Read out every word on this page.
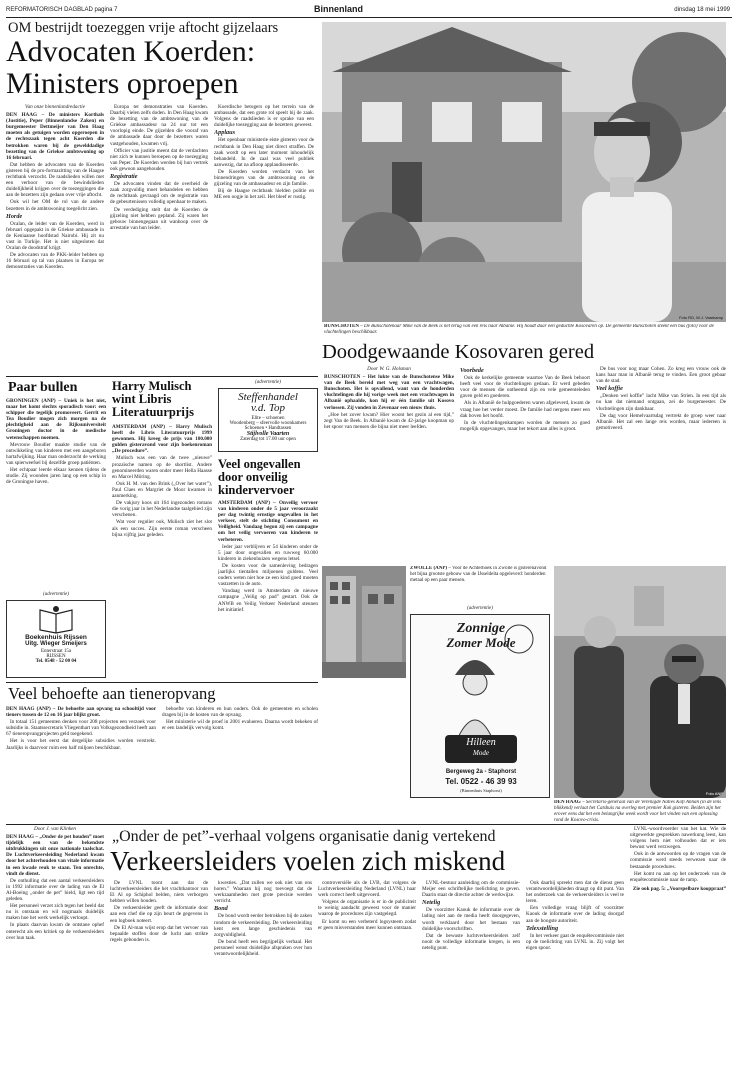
REFORMATORISCH DAGBLAD pagina 7	Binnenland	dinsdag 18 mei 1999
OM bestrijdt toezeggen vrije aftocht gijzelaars
Advocaten Koerden:
Ministers oproepen

Van onze binnenlandredactie

DEN HAAG – De ministers Korthals (Justitie), Peper (Binnenlandse Zaken) en burgemeester Dettmeijer van Den Haag moeten als getuigen worden opgeroepen in de rechtszaak tegen acht Koerden die betrokken waren bij de gewelddadige bezetting van de Griekse ambtswoning op 16 februari.

Dat hebben de advocaten van de Koerden gisteren bij de pro-formazitting van de Haagse rechtbank verzocht. De raadslieden willen met een verhoor van de bewindslieden duidelijkheid krijgen over de toezeggingen die aan de bezetters zijn gedaan over vrije aftocht.

Ook wil het OM de rol van de andere bezetters in de ambtswoning toegelicht zien.

Horde

Ocalan, de leider van de Koerden, werd in februari opgepakt in de Griekse ambassade in de Keniaanse hoofdstad Nairobi. Hij zit nu vast in Turkije. Het is niet uitgesloten dat Ocalan de doodstraf krijgt.

De advocaten van de PKK-leider hebben op 16 februari op tal van plaatsen in Europa ter demonstraties van Koerden.

Europa ter demonstraties van Koerden. Daarbij vielen zelfs doden. In Den Haag kwam de bezetting van de ambtswoning van de Griekse ambassadeur na 24 uur tot een voorlopig einde. De gijzelden die vooraf van de ambassade daar door de bezetters waren vastgehouden, kwamen vrij.

Officier van justitie meent dat de verdachten niet zich te kunnen beroepen op de toezegging van Peper. De Koerden werden bij hun vertrek ook gewoon aangehouden.

Registratie

De advocaten vinden dat de overheid de zaak zorgvuldig moet behandelen en hebben de rechtbank gevraagd om de registratie van de gebeurtenissen volledig openbaar te maken.

De verdediging stelt dat de Koerden de gijzeling niet hebben gepland. Zij waren het gebouw binnengegaan uit wanhoop over de arrestatie van hun leider.

Koerdische betogers op het terrein van de ambassade, dat een grote rol speelt bij de zaak. Volgens de raadslieden is er sprake van een duidelijke toezegging aan de bezetters geweest.

Applaus

Het openbaar ministerie eiste gisteren voor de rechtbank in Den Haag niet direct straffen. De zaak wordt op een later moment inhoudelijk behandeld. In de zaal was veel publiek aanwezig, dat na afloop applaudisseerde.

De Koerden worden verdacht van het binnendringen van de ambtswoning en de gijzeling van de ambassadeur en zijn familie.

Bij de Haagse rechtbank hielden politie en ME een oogje in het zeil. Het bleef er rustig.

Foto RD, W.J. Vaarkamp
BUNSCHOTEN – De Bunschotenaar Mike van de Beek is net terug van een reis naar Albanië. Hij houdt daar een geduchte Kosovaren op. De gemeente Bunschoten steekt een bus (foto) voor de vluchtelingen beschikbaar.
Doodgewaande Kosovaren gered

Door W. G. Holsman

BUNSCHOTEN – Het lukte van de Bunschotense Mike van de Beek bereid met weg van een vrachtwagen, Bunschoten. Het is opvallend, want van de honderden vluchtelingen die hij vorige week met een vrachtwagen in Albanië ophaalde, kon hij er één familie uit Kosovo verlossen. Zij vonden in Zevenaar een nieuw thuis.

„Hoe het zover kwam? Hier woont het gezin al een tijd,” zegt Van de Beek. In Albanië kwam de 42-jarige koopman op het spoor van mensen die bijna niet meer leefden.

Voorbede

Ook de kerkelijke gemeente waartoe Van de Beek behoort heeft veel voor de vluchtelingen gedaan. Er werd gebeden voor de mensen die ontheemd zijn en vele gemeenteleden gaven geld en goederen.

Als in Albanië de hulpgoederen waren afgeleverd, kwam de vraag hoe het verder moest. De familie had nergens meer een dak boven het hoofd.

In de vluchtelingenkampen worden de mensen zo goed mogelijk opgevangen, maar het tekort aan alles is groot.

De bus voor nog maar Cohen. Zo kreg een vrouw ook de kans haar man in Albanië terug te vinden. Een groot gebaar van de stad.

Veel koffie

„Denken wel koffie” lacht Mike van Strien. In een tijd als nu kan dat niemand ontgaan, zei de burgemeester. De vluchtelingen zijn dankbaar.

De dag voor Hemelvaartsdag vertrekt de groep weer naar Albanië. Het zal een lange reis worden, maar iedereen is gemotiveerd.

Paar bullen

GRONINGEN (ANP) – Uniek is het niet, maar het komt slechts sporadisch voor: een schipper die tegelijk promoveert. Gerrit en Tea Boudier mogen zich morgen na de plechtigheid aan de Rijksuniversiteit Groningen doctor in de medische wetenschappen noemen.

Mevrouw Boudier maakte studie van de ontwikkeling van kinderen met een aangeboren hartafwijking. Haar man onderzocht de werking van spierweefsel bij dezelfde groep patiënten.

Het echtpaar leerde elkaar kennen tijdens de studie. Zij woonden jaren lang op een schip in de Groningse haven.

Harry Mulisch
wint Libris
Literatuurprijs

AMSTERDAM (ANP) – Harry Mulisch heeft de Libris Literatuurprijs 1999 gewonnen. Hij kreeg de prijs van 100.000 gulden gisteravond voor zijn boekenroman „De procedure”.

Mulisch was een van de twee „nieuwe” prozaïsche namen op de shortlist. Andere genomineerden waren onder meer Hella Haasse en Marcel Möring.

Ook H. M. van den Brink („Over het water”), Paul Claes en Margriet de Moor kwamen in aanmerking.

De vakjury koos uit 164 ingezonden romans die vorig jaar in het Nederlandse taalgebied zijn verschenen.

Wat voor regulier ook, Mulisch ziet het slot als een succes. Zijn eerste roman verscheen bijna vijftig jaar geleden.

(advertentie)
Steffenhandel
v.d. Top
Elite – schoenen
Woodenberg – sfeervolle woonkamers
Schoenen • Handtassen
Stijlvolle Vaarten
Zaterdag tot 17.00 uur open
Veel ongevallen
door onveilig
kindervervoer

AMSTERDAM (ANP) – Onveilig vervoer van kinderen onder de 5 jaar veroorzaakt per dag twintig ernstige ongevallen in het verkeer, stelt de stichting Consument en Veiligheid. Vandaag begon zij een campagne om het veilig vervoeren van kinderen te verbeteren.

Ieder jaar verblijven er 54 kinderen onder de 5 jaar door ongevallen en ruwweg 60.000 kinderen in ziekenhuizen wegens letsel.

De kosten voor de samenleving bedragen jaarlijks tientallen miljoenen guldens. Veel ouders weten niet hoe ze een kind goed moeten vastzetten in de auto.

Vandaag werd in Amsterdam de nieuwe campagne „Veilig op pad” gestart. Ook de ANWB en Veilig Verkeer Nederland steunen het initiatief.

(advertentie)
Boekenhuis Rijssen
Uitg. Wieger Smeijers
Enterstraat 15a
RIJSSEN
Tel. 0548 - 52 00 04
ZWOLLE (ANP) – Voor de Achterhoek in Zwolle is gisterenavond het bijna grootste gebouw van de IJsseldelta opgeleverd: honderden metaal op een paar mensen.
(advertentie)
Zonnige
Zomer Mode
Hilleen
Mode
Bergeweg 2a - Staphorst
Tel. 0522 - 46 39 93
(Binnenhuis Staphorst)
Foto ANP
DEN HAAG – Secretaris-generaal van de Verenigde Naties Kofi Annan (in de lens blikkend) verlaat het Catshuis na overleg met premier Kok gisteren. Beiden zijn het erover eens dat het een belangrijke week wordt voor het vinden van een oplossing rond de Kosovo-crisis.
Veel behoefte aan tieneropvang

DEN HAAG (ANP) – De behoefte aan opvang na schooltijd voor tieners tussen de 12 en 16 jaar blijkt groot.

In totaal 151 gemeenten denken voor 208 projecten een verzoek voor subsidie in. Staatssecretaris Vliegenthart van Volksgezondheid heeft aan 67 tieneropvangprojecten geld toegekend.

Het is voor het eerst dat dergelijke subsidies worden verstrekt. Jaarlijks is daarvoor ruim een half miljoen beschikbaar.

behoefte van kinderen en hun ouders. Ook de gemeenten en scholen dragen bij in de kosten van de opvang.

Het ministerie wil de proef in 2001 evalueren. Daarna wordt bekeken of er een landelijk vervolg komt.

„Onder de pet”-verhaal volgens organisatie danig vertekend
Verkeersleiders voelen zich miskend

Door J. van Klinken

DEN HAAG – „Onder de pet houden” moet tijdelijk een van de bekendste uitdrukkingen uit onze nationale taalschat. De Luchtverkeersleiding Nederland kwam door het achterhouden van vitale informatie in een kwade reuk te staan. Ten onrechte, vindt de dienst.

De onthulling dat een aantal verkeersleiders in 1992 informatie over de lading van de El Al-Boeing „onder de pet” hield, ligt een tijd geleden.

Het personeel verzet zich tegen het beeld dat nu is ontstaan en wil nogmaals duidelijk maken hoe het werk werkelijk verloopt.

In plaats daarvan kwam de ontstane ophef onterecht als een kritiek op de verkeersleiders over hun taak.

De LVNL toont aan dat de luchtverkeersleiders die het vrachtkantoor van El Al op Schiphol belden, niets verborgen hebben willen houden.

De verkeersleider geeft de informatie door aan een chef die op zijn beurt de gegevens in een logboek noteert.

De El Al-man wijst erop dat het vervoer van bepaalde stoffen door de lucht aan strikte regels gebonden is.

kwesties. „Dat zullen we ook niet van ons horen.” Waaraan hij nog toevoegt dat de werkzaamheden met grote precisie werden verricht.

Bond

De bond wordt eerder betrokken bij de zaken rondom de verkeersleiding. De verkeersleiding kent een lange geschiedenis van zorgvuldigheid.

De bond heeft een begrijpelijk verhaal. Het personeel wenst duidelijke afspraken over hun verantwoordelijkheid.

controversiële als de LVB, dat volgens de Luchtverkeersleiding Nederland (LVNL) haar werk correct heeft uitgevoerd.

Volgens de organisatie is er in de publiciteit te weinig aandacht geweest voor de manier waarop de procedures zijn vastgelegd.

Er komt nu een verbeterd logsysteem zodat er geen misverstanden meer kunnen ontstaan.

LVNL-bestuur aanleiding om de commissie-Meijer een schriftelijke toelichting te geven. Daarin staat de directie achter de werkwijze.

Netelig

De voorzitter Kaouk de informatie over de lading niet aan de media heeft doorgegeven, wordt verklaard door het bestaan van duidelijke voorschriften.

Dat de bewuste luchtverkeersleiders zelf nooit de volledige informatie kregen, is een netelig punt.

Ook daarbij spreekt men dat de dienst geen verantwoordelijkheden draagt op dit punt. Van het onderzoek van de verkeersleiders is veel te leren.

Een volledige vraag blijft of voorzitter Kaouk de informatie over de lading doorgaf aan de hoogste autoriteit.

Telexstelling

In het verkeer gaat de enquêtecommissie niet op de toelichting van LVNL in. Zij volgt het eigen spoor.

LVNL-woordvoerder van het kat. Wie de uitgewerkte gesprekken nawerkung leest, kan volgens hem niet volhouden dat er iets bewust werd verzwegen.

Ook in de antwoorden op de vragen van de commissie werd steeds verwezen naar de bestaande procedures.

Het komt nu aan op het onderzoek van de enquêtecommissie naar de ramp.

Zie ook pag. 5: „Voorspelbare kooppraat”
